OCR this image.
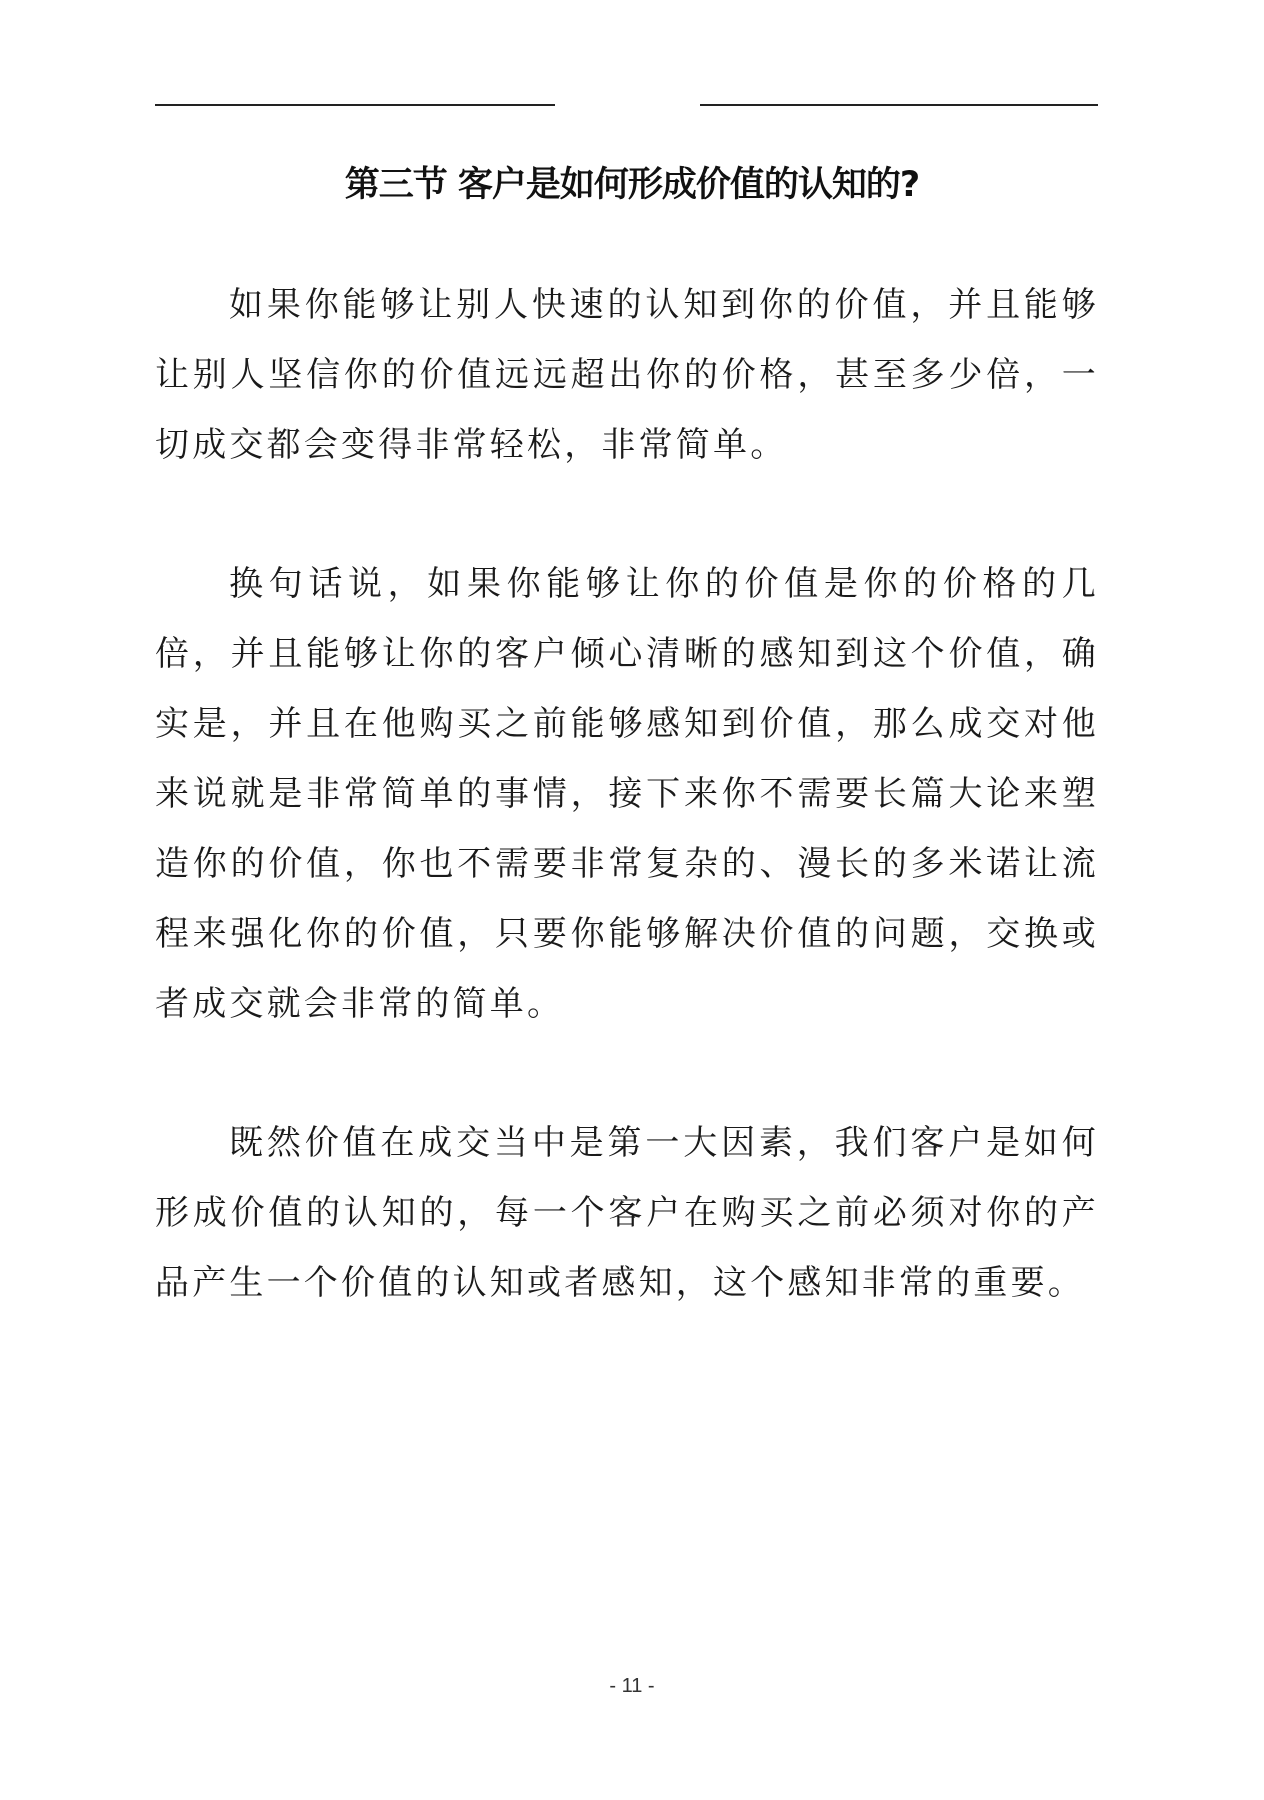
第三节 客户是如何形成价值的认知的?

如果你能够让别人快速的认知到你的价值，并且能够让别人坚信你的价值远远超出你的价格，甚至多少倍，一切成交都会变得非常轻松，非常简单。

换句话说，如果你能够让你的价值是你的价格的几倍，并且能够让你的客户倾心清晰的感知到这个价值，确实是，并且在他购买之前能够感知到价值，那么成交对他来说就是非常简单的事情，接下来你不需要长篇大论来塑造你的价值，你也不需要非常复杂的、漫长的多米诺让流程来强化你的价值，只要你能够解决价值的问题，交换或者成交就会非常的简单。

既然价值在成交当中是第一大因素，我们客户是如何形成价值的认知的，每一个客户在购买之前必须对你的产品产生一个价值的认知或者感知，这个感知非常的重要。

- 11 -
